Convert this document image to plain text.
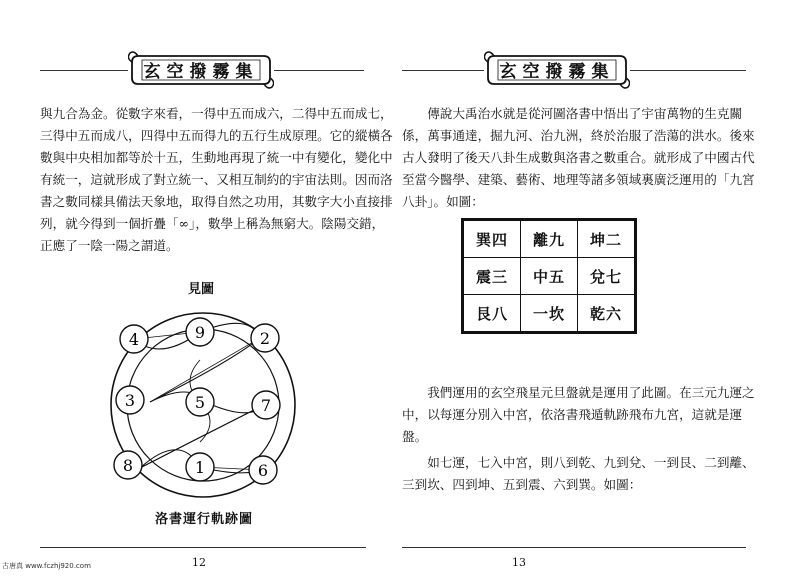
玄空撥霧集

與九合為金。從數字來看，一得中五而成六，二得中五而成七，

三得中五而成八，四得中五而得九的五行生成原理。它的縱橫各

數與中央相加都等於十五，生動地再現了統一中有變化，變化中

有統一，這就形成了對立統一、又相互制約的宇宙法則。因而洛

書之數同樣具備法天象地，取得自然之功用，其數字大小直接排

列，就今得到一個折疊「∞」，數學上稱為無窮大。陰陽交錯，

正應了一陰一陽之謂道。

見圖
4	9	2
3	5	7
8	1	6
洛書運行軌跡圖
12
玄空撥霧集

　　傳說大禹治水就是從河圖洛書中悟出了宇宙萬物的生克關

係，萬事通達，掘九河、治九洲，終於治服了浩蕩的洪水。後來

古人發明了後天八卦生成數與洛書之數重合。就形成了中國古代

至當今醫學、建築、藝術、地理等諸多領域裏廣泛運用的「九宮

八卦」。如圖：

巽四	離九	坤二
震三	中五	兌七
艮八	一坎	乾六

　　我們運用的玄空飛星元旦盤就是運用了此圖。在三元九運之

中，以每運分別入中宮，依洛書飛遁軌跡飛布九宮，這就是運

盤。

　　如七運，七入中宮，則八到乾、九到兌、一到艮、二到離、

三到坎、四到坤、五到震、六到巽。如圖：

13
古唐真 www.fczhj920.com
